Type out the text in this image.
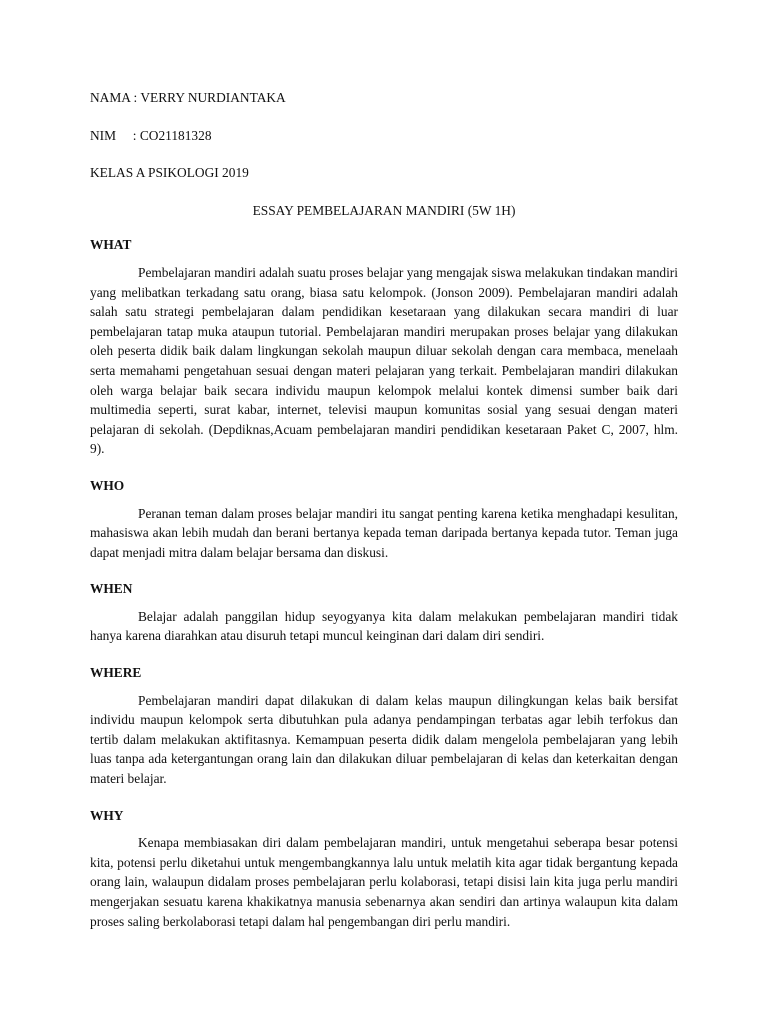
NAMA : VERRY NURDIANTAKA
NIM     : CO21181328
KELAS A PSIKOLOGI 2019
ESSAY PEMBELAJARAN MANDIRI (5W 1H)
WHAT

Pembelajaran mandiri adalah suatu proses belajar yang mengajak siswa melakukan tindakan mandiri yang melibatkan terkadang satu orang, biasa satu kelompok. (Jonson 2009). Pembelajaran mandiri adalah salah satu strategi pembelajaran dalam pendidikan kesetaraan yang dilakukan secara mandiri di luar pembelajaran tatap muka ataupun tutorial. Pembelajaran mandiri merupakan proses belajar yang dilakukan oleh peserta didik baik dalam lingkungan sekolah maupun diluar sekolah dengan cara membaca, menelaah serta memahami pengetahuan sesuai dengan materi pelajaran yang terkait. Pembelajaran mandiri dilakukan oleh warga belajar baik secara individu maupun kelompok melalui kontek dimensi sumber baik dari multimedia seperti, surat kabar, internet, televisi maupun komunitas sosial yang sesuai dengan materi pelajaran di sekolah. (Depdiknas,Acuam pembelajaran mandiri pendidikan kesetaraan Paket C, 2007, hlm. 9).

WHO

Peranan teman dalam proses belajar mandiri itu sangat penting karena ketika menghadapi kesulitan, mahasiswa akan lebih mudah dan berani bertanya kepada teman daripada bertanya kepada tutor. Teman juga dapat menjadi mitra dalam belajar bersama dan diskusi.

WHEN

Belajar adalah panggilan hidup seyogyanya kita dalam melakukan pembelajaran mandiri tidak hanya karena diarahkan atau disuruh tetapi muncul keinginan dari dalam diri sendiri.

WHERE

Pembelajaran mandiri dapat dilakukan di dalam kelas maupun dilingkungan kelas baik bersifat individu maupun kelompok serta dibutuhkan pula adanya pendampingan terbatas agar lebih terfokus dan tertib dalam melakukan aktifitasnya. Kemampuan peserta didik dalam mengelola pembelajaran yang lebih luas tanpa ada ketergantungan orang lain dan dilakukan diluar pembelajaran di kelas dan keterkaitan dengan materi belajar.

WHY

Kenapa membiasakan diri dalam pembelajaran mandiri, untuk mengetahui seberapa besar potensi kita, potensi perlu diketahui untuk mengembangkannya lalu untuk melatih kita agar tidak bergantung kepada orang lain, walaupun didalam proses pembelajaran perlu kolaborasi, tetapi disisi lain kita juga perlu mandiri mengerjakan sesuatu karena khakikatnya manusia sebenarnya akan sendiri dan artinya walaupun kita dalam proses saling berkolaborasi tetapi dalam hal pengembangan diri perlu mandiri.
